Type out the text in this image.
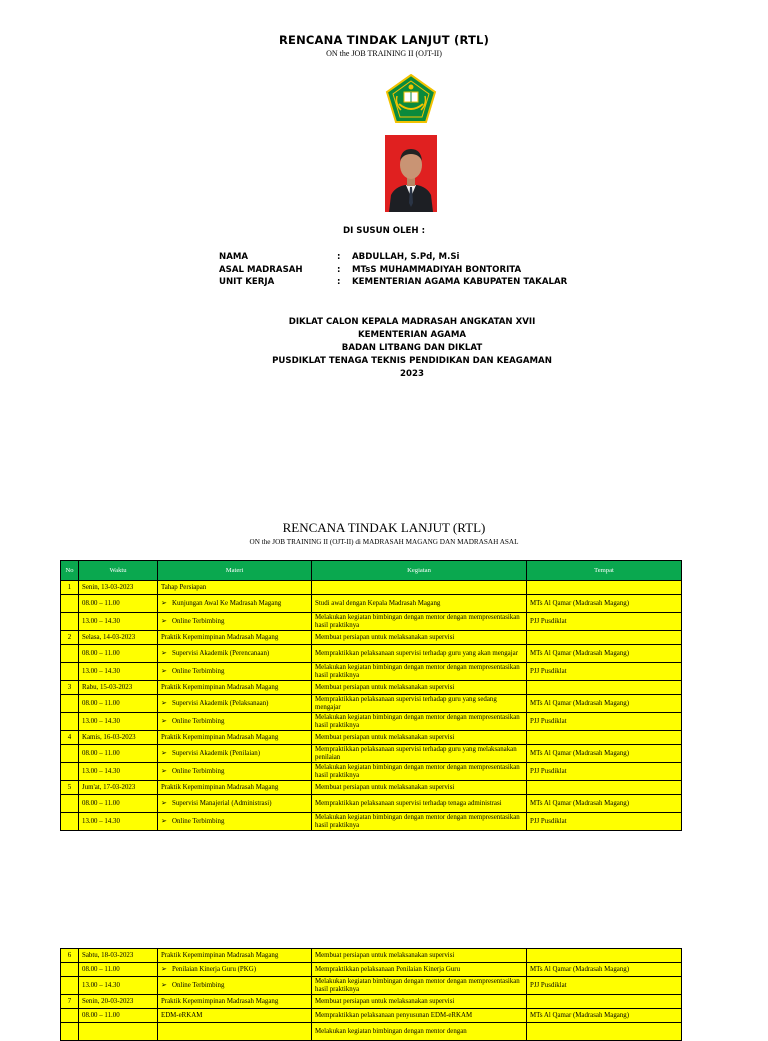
RENCANA TINDAK LANJUT (RTL)
ON the JOB TRAINING II (OJT-II)
DI SUSUN OLEH :
NAMA	: ABDULLAH, S.Pd, M.Si
ASAL MADRASAH	: MTsS MUHAMMADIYAH BONTORITA
UNIT KERJA	: KEMENTERIAN AGAMA KABUPATEN TAKALAR
DIKLAT CALON KEPALA MADRASAH ANGKATAN XVII
KEMENTERIAN AGAMA
BADAN LITBANG DAN DIKLAT
PUSDIKLAT TENAGA TEKNIS PENDIDIKAN DAN KEAGAMAN
2023
RENCANA TINDAK LANJUT (RTL)
ON the JOB TRAINING II (OJT-II) di MADRASAH MAGANG DAN MADRASAH ASAL
No	Waktu	Materi	Kegiatan	Tempat
1	Senin, 13-03-2023	Tahap Persiapan		
	08.00 – 11.00	➢ Kunjungan Awal Ke Madrasah Magang	Studi awal dengan Kepala Madrasah Magang	MTs Al Qamar (Madrasah Magang)
	13.00 – 14.30	➢ Online Terbimbing	Melakukan kegiatan bimbingan dengan mentor dengan mempresentasikan hasil praktiknya	PJJ Pusdiklat
2	Selasa, 14-03-2023	Praktik Kepemimpinan Madrasah Magang	Membuat persiapan untuk melaksanakan supervisi	
	08.00 – 11.00	➢ Supervisi Akademik (Perencanaan)	Mempraktikkan pelaksanaan supervisi terhadap guru yang akan mengajar	MTs Al Qamar (Madrasah Magang)
	13.00 – 14.30	➢ Online Terbimbing	Melakukan kegiatan bimbingan dengan mentor dengan mempresentasikan hasil praktiknya	PJJ Pusdiklat
3	Rabu, 15-03-2023	Praktik Kepemimpinan Madrasah Magang	Membuat persiapan untuk melaksanakan supervisi	
	08.00 – 11.00	➢ Supervisi Akademik (Pelaksanaan)	Mempraktikkan pelaksanaan supervisi terhadap guru yang sedang mengajar	MTs Al Qamar (Madrasah Magang)
	13.00 – 14.30	➢ Online Terbimbing	Melakukan kegiatan bimbingan dengan mentor dengan mempresentasikan hasil praktiknya	PJJ Pusdiklat
4	Kamis, 16-03-2023	Praktik Kepemimpinan Madrasah Magang	Membuat persiapan untuk melaksanakan supervisi	
	08.00 – 11.00	➢ Supervisi Akademik (Penilaian)	Mempraktikkan pelaksanaan supervisi terhadap guru yang melaksanakan penilaian	MTs Al Qamar (Madrasah Magang)
	13.00 – 14.30	➢ Online Terbimbing	Melakukan kegiatan bimbingan dengan mentor dengan mempresentasikan hasil praktiknya	PJJ Pusdiklat
5	Jum'at, 17-03-2023	Praktik Kepemimpinan Madrasah Magang	Membuat persiapan untuk melaksanakan supervisi	
	08.00 – 11.00	➢ Supervisi Manajerial (Administrasi)	Mempraktikkan pelaksanaan supervisi terhadap tenaga administrasi	MTs Al Qamar (Madrasah Magang)
	13.00 – 14.30	➢ Online Terbimbing	Melakukan kegiatan bimbingan dengan mentor dengan mempresentasikan hasil praktiknya	PJJ Pusdiklat
6	Sabtu, 18-03-2023	Praktik Kepemimpinan Madrasah Magang	Membuat persiapan untuk melaksanakan supervisi	
	08.00 – 11.00	➢ Penilaian Kinerja Guru (PKG)	Mempraktikkan pelaksanaan Penilaian Kinerja Guru	MTs Al Qamar (Madrasah Magang)
	13.00 – 14.30	➢ Online Terbimbing	Melakukan kegiatan bimbingan dengan mentor dengan mempresentasikan hasil praktiknya	PJJ Pusdiklat
7	Senin, 20-03-2023	Praktik Kepemimpinan Madrasah Magang	Membuat persiapan untuk melaksanakan supervisi	
	08.00 – 11.00	EDM-eRKAM	Mempraktikkan pelaksanaan penyusunan EDM-eRKAM	MTs Al Qamar (Madrasah Magang)
			Melakukan kegiatan bimbingan dengan mentor dengan	
